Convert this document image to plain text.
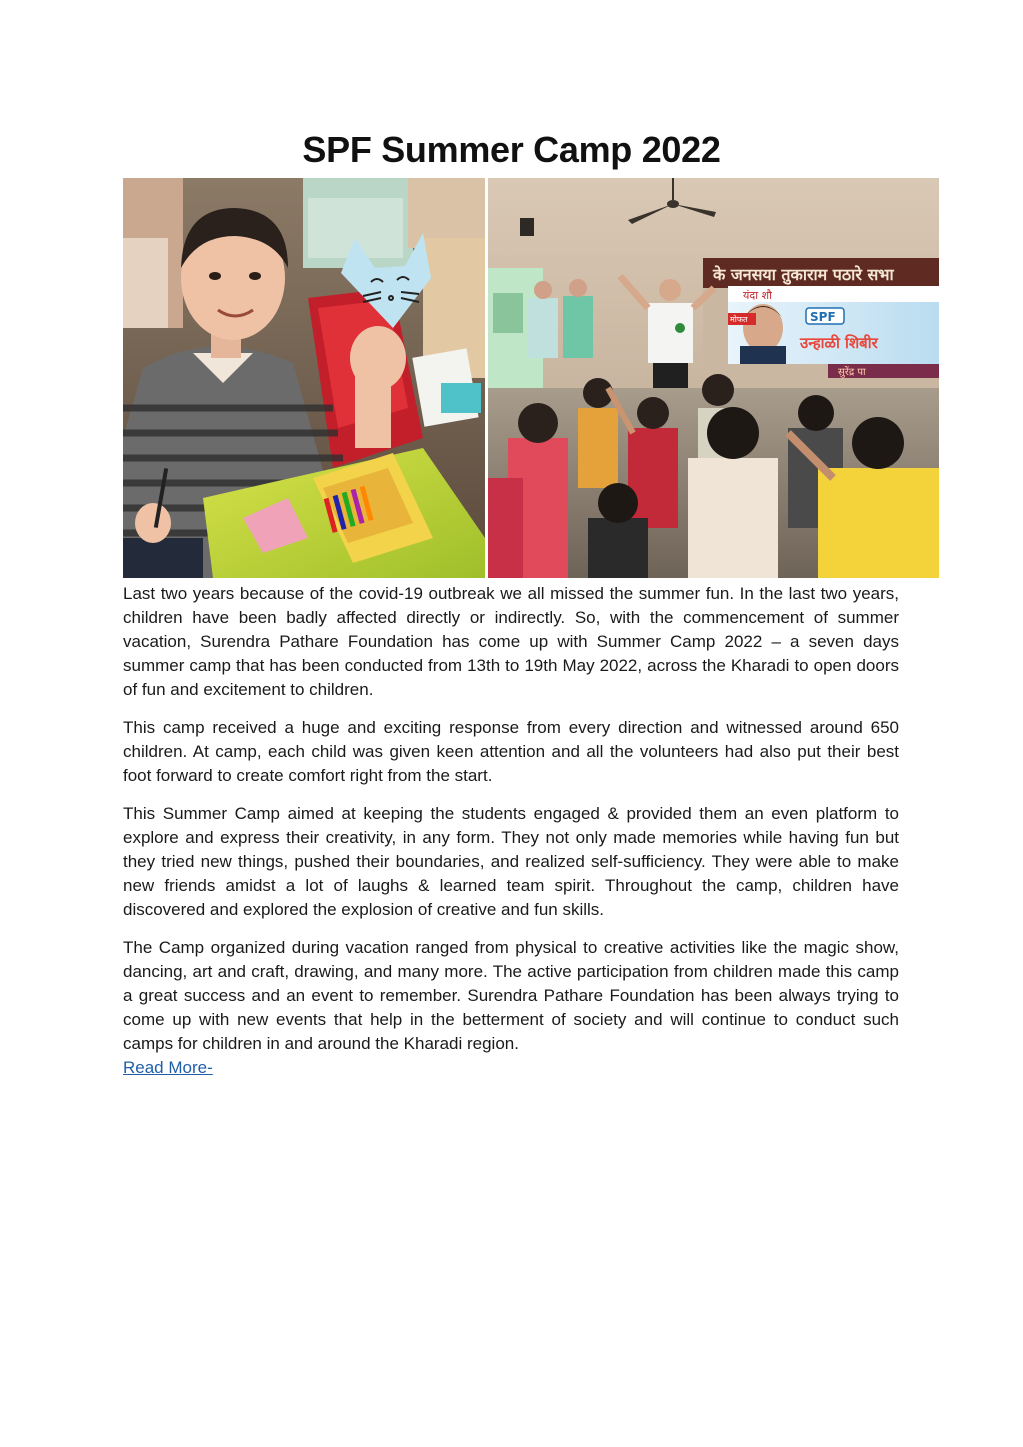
SPF Summer Camp 2022
के जनसया तुकाराम पठारे सभा
यंदा शौ
SPF
उन्हाळी शिबीर
मोफत
सुरेंद्र पा

Last two years because of the covid-19 outbreak we all missed the summer fun. In the last two years, children have been badly affected directly or indirectly. So, with the commencement of summer vacation, Surendra Pathare Foundation has come up with Summer Camp 2022 – a seven days summer camp that has been conducted from 13th to 19th May 2022, across the Kharadi to open doors of fun and excitement to children.

This camp received a huge and exciting response from every direction and witnessed around 650 children. At camp, each child was given keen attention and all the volunteers had also put their best foot forward to create comfort right from the start.

This Summer Camp aimed at keeping the students engaged & provided them an even platform to explore and express their creativity, in any form. They not only made memories while having fun but they tried new things, pushed their boundaries, and realized self-sufficiency. They were able to make new friends amidst a lot of laughs & learned team spirit. Throughout the camp, children have discovered and explored the explosion of creative and fun skills.

The Camp organized during vacation ranged from physical to creative activities like the magic show, dancing, art and craft, drawing, and many more. The active participation from children made this camp a great success and an event to remember. Surendra Pathare Foundation has been always trying to come up with new events that help in the betterment of society and will continue to conduct such camps for children in and around the Kharadi region.

Read More-
